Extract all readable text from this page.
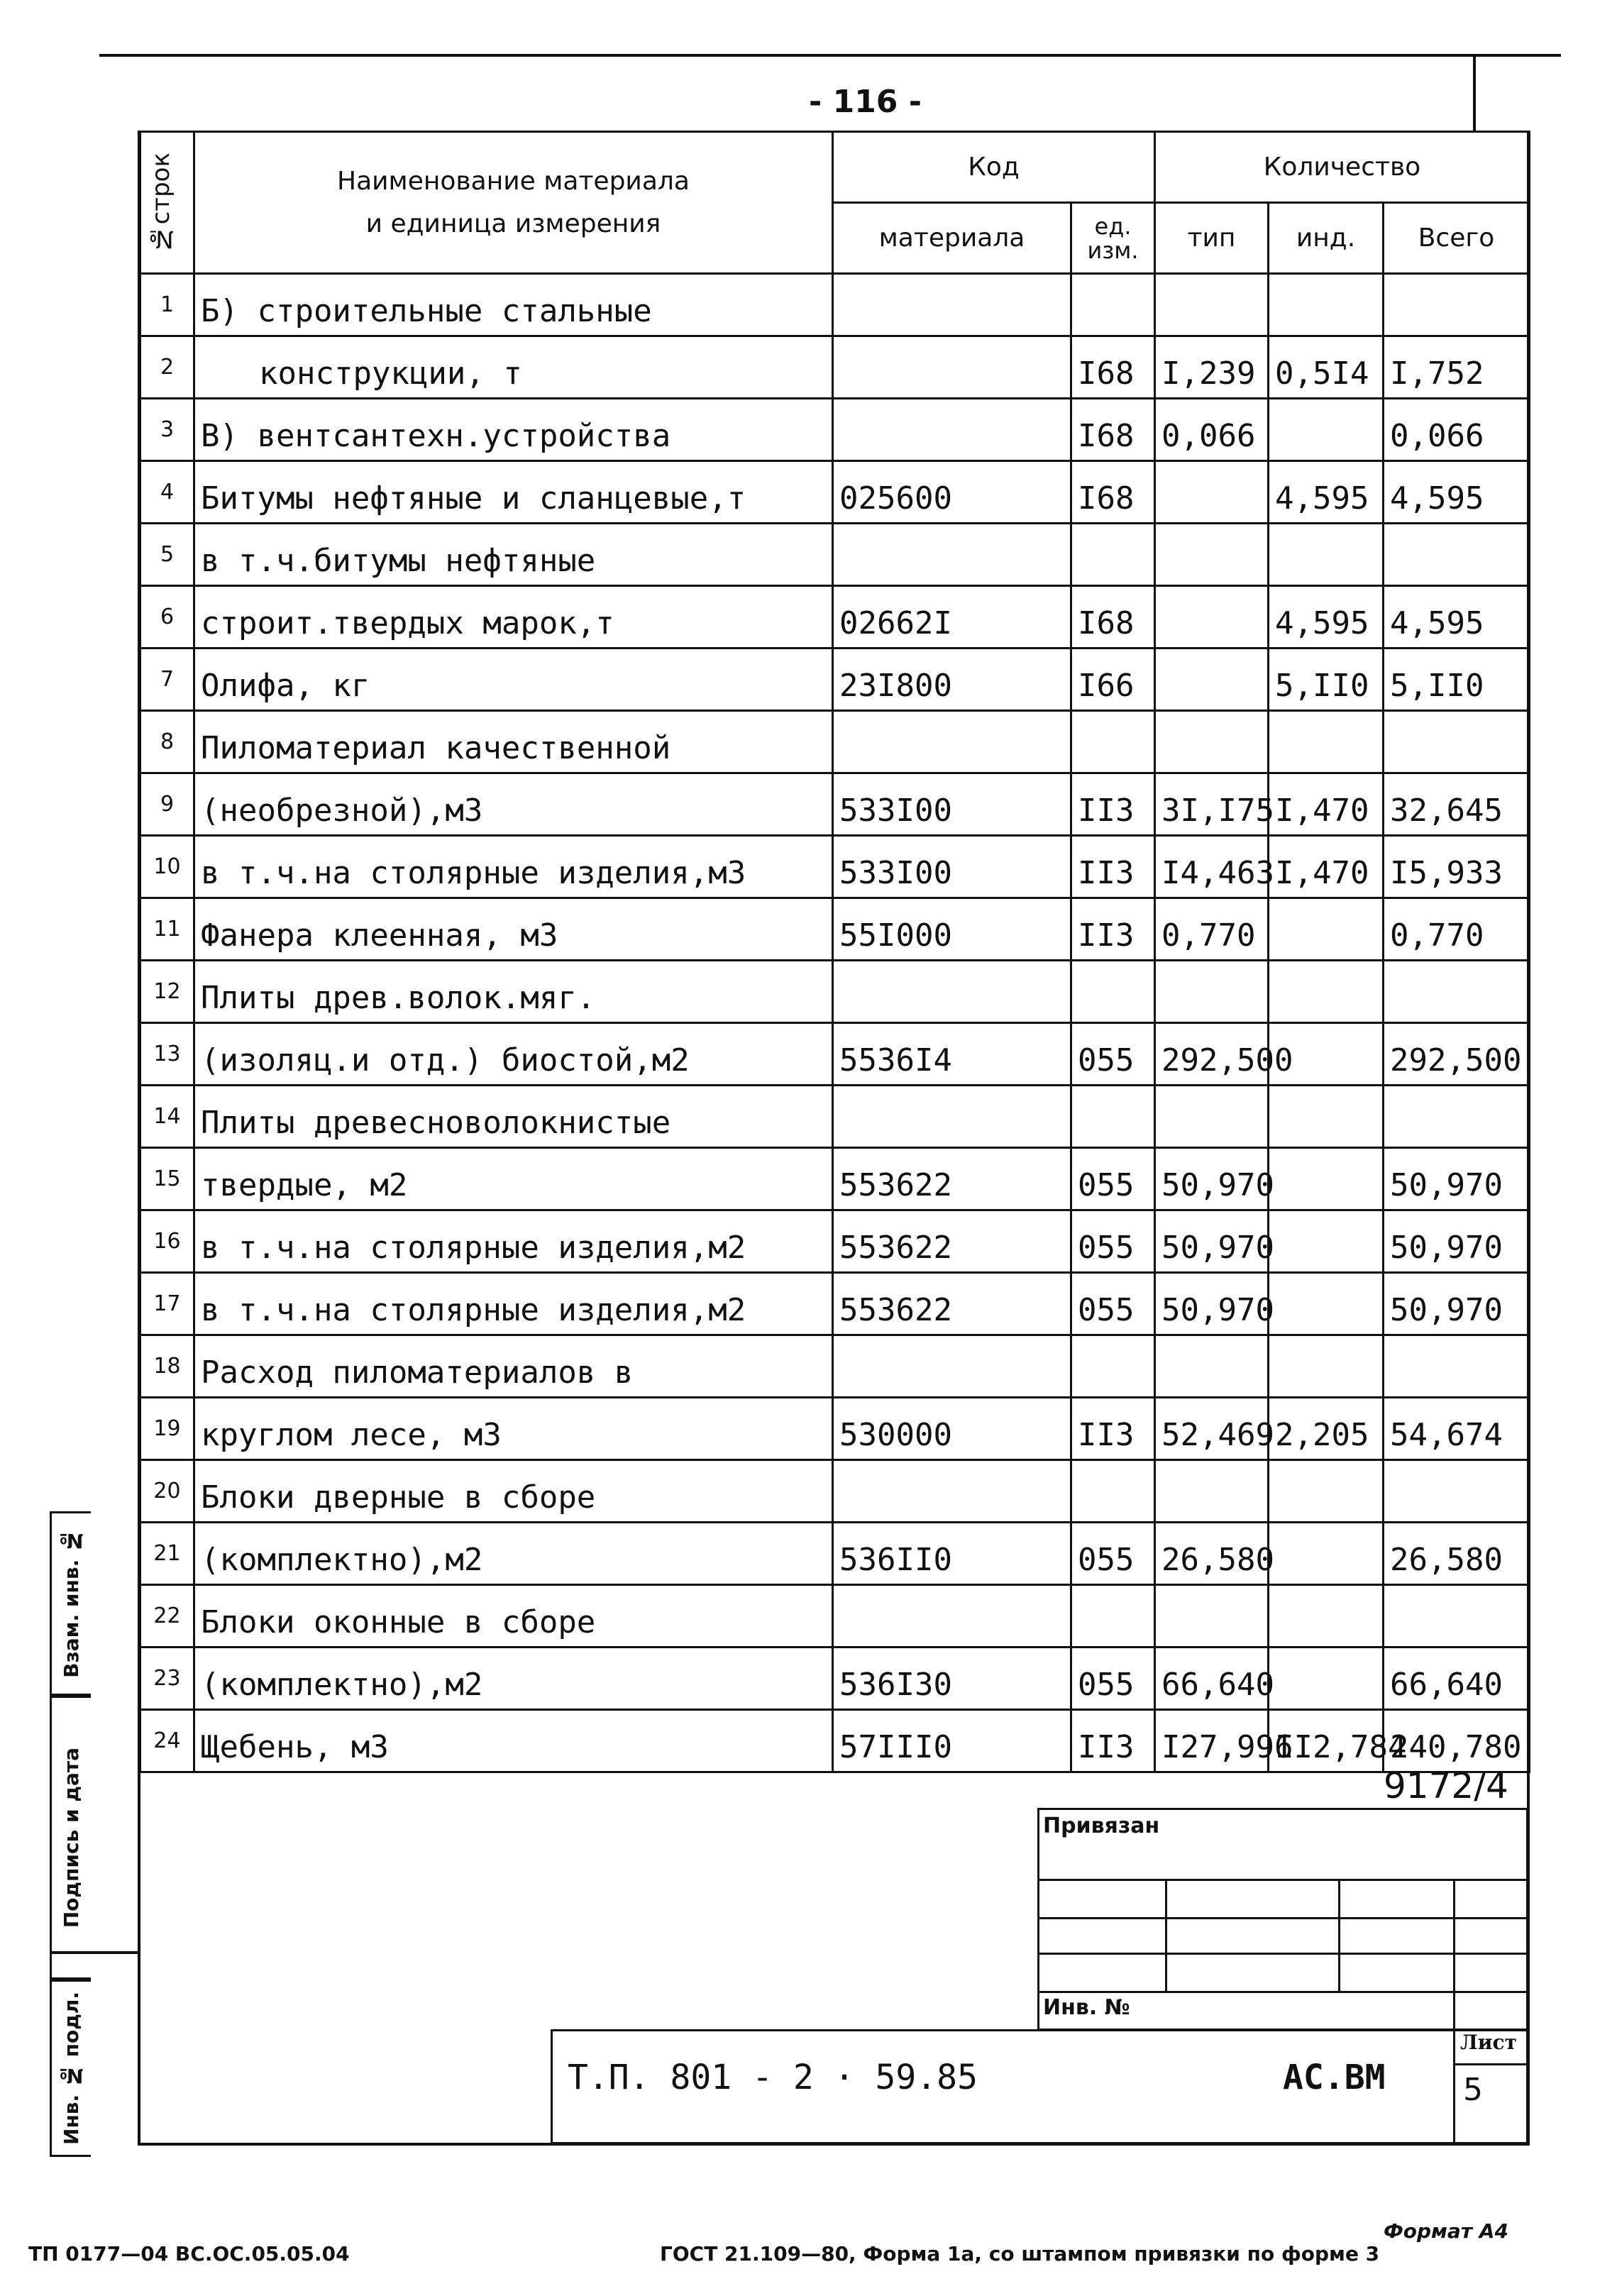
- 116 -
№строк	Наименование материала
и единица измерения	Код		Количество		
		материала	ед. изм.	тип	инд.	Всего
1	Б) строительные стальные					
2	конструкции, т		I68	I,239	0,5I4	I,752
3	В) вентсантехн.устройства		I68	0,066		0,066
4	Битумы нефтяные и сланцевые,т	025600	I68		4,595	4,595
5	в т.ч.битумы нефтяные					
6	строит.твердых марок,т	02662I	I68		4,595	4,595
7	Олифа, кг	23I800	I66		5,II0	5,II0
8	Пиломатериал качественной					
9	(необрезной),м3	533I00	II3	3I,I75	I,470	32,645
10	в т.ч.на столярные изделия,м3	533I00	II3	I4,463	I,470	I5,933
11	Фанера клеенная, м3	55I000	II3	0,770		0,770
12	Плиты древ.волок.мяг.					
13	(изоляц.и отд.) биостой,м2	5536I4	055	292,500		292,500
14	Плиты древесноволокнистые					
15	твердые, м2	553622	055	50,970		50,970
16	в т.ч.на столярные изделия,м2	553622	055	50,970		50,970
17	в т.ч.на столярные изделия,м2	553622	055	50,970		50,970
18	Расход пиломатериалов в					
19	круглом лесе, м3	530000	II3	52,469	2,205	54,674
20	Блоки дверные в сборе					
21	(комплектно),м2	536II0	055	26,580		26,580
22	Блоки оконные в сборе					
23	(комплектно),м2	536I30	055	66,640		66,640
24	Щебень, м3	57III0	II3	I27,996	II2,784	240,780
Взам. инв. №
Подпись и дата
Инв. № подл.
9172/4
Привязан
Инв. №
Т.П. 801 - 2 · 59.85	АС.ВМ
Лист
5
Формат А4
ТП 0177—04 ВС.ОС.05.05.04	ГОСТ 21.109—80, Форма 1а, со штампом привязки по форме 3
